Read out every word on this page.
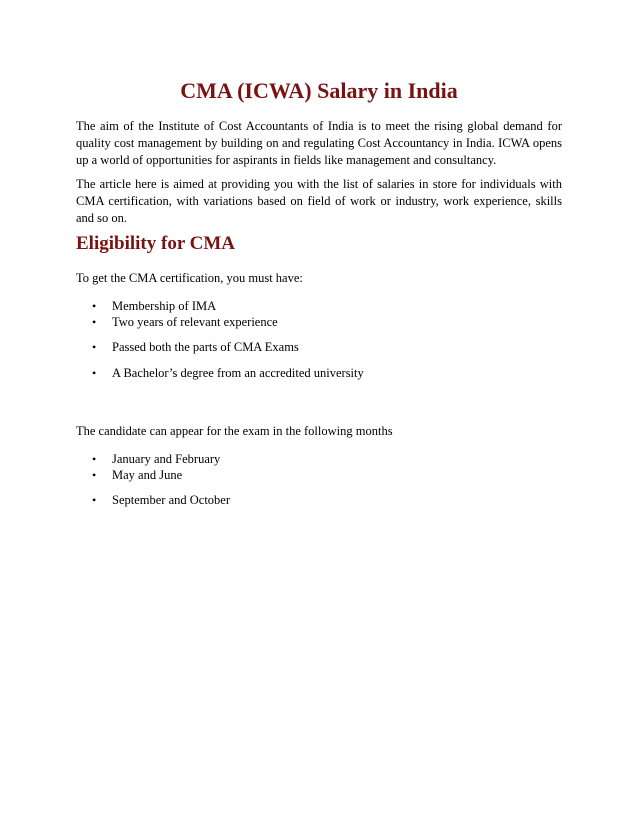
CMA (ICWA) Salary in India

The aim of the Institute of Cost Accountants of India is to meet the rising global demand for quality cost management by building on and regulating Cost Accountancy in India. ICWA opens up a world of opportunities for aspirants in fields like management and consultancy.

The article here is aimed at providing you with the list of salaries in store for individuals with CMA certification, with variations based on field of work or industry, work experience, skills and so on.

Eligibility for CMA

To get the CMA certification, you must have:

•	Membership of IMA
•	Two years of relevant experience
•	Passed both the parts of CMA Exams
•	A Bachelor’s degree from an accredited university

The candidate can appear for the exam in the following months

•	January and February
•	May and June
•	September and October
